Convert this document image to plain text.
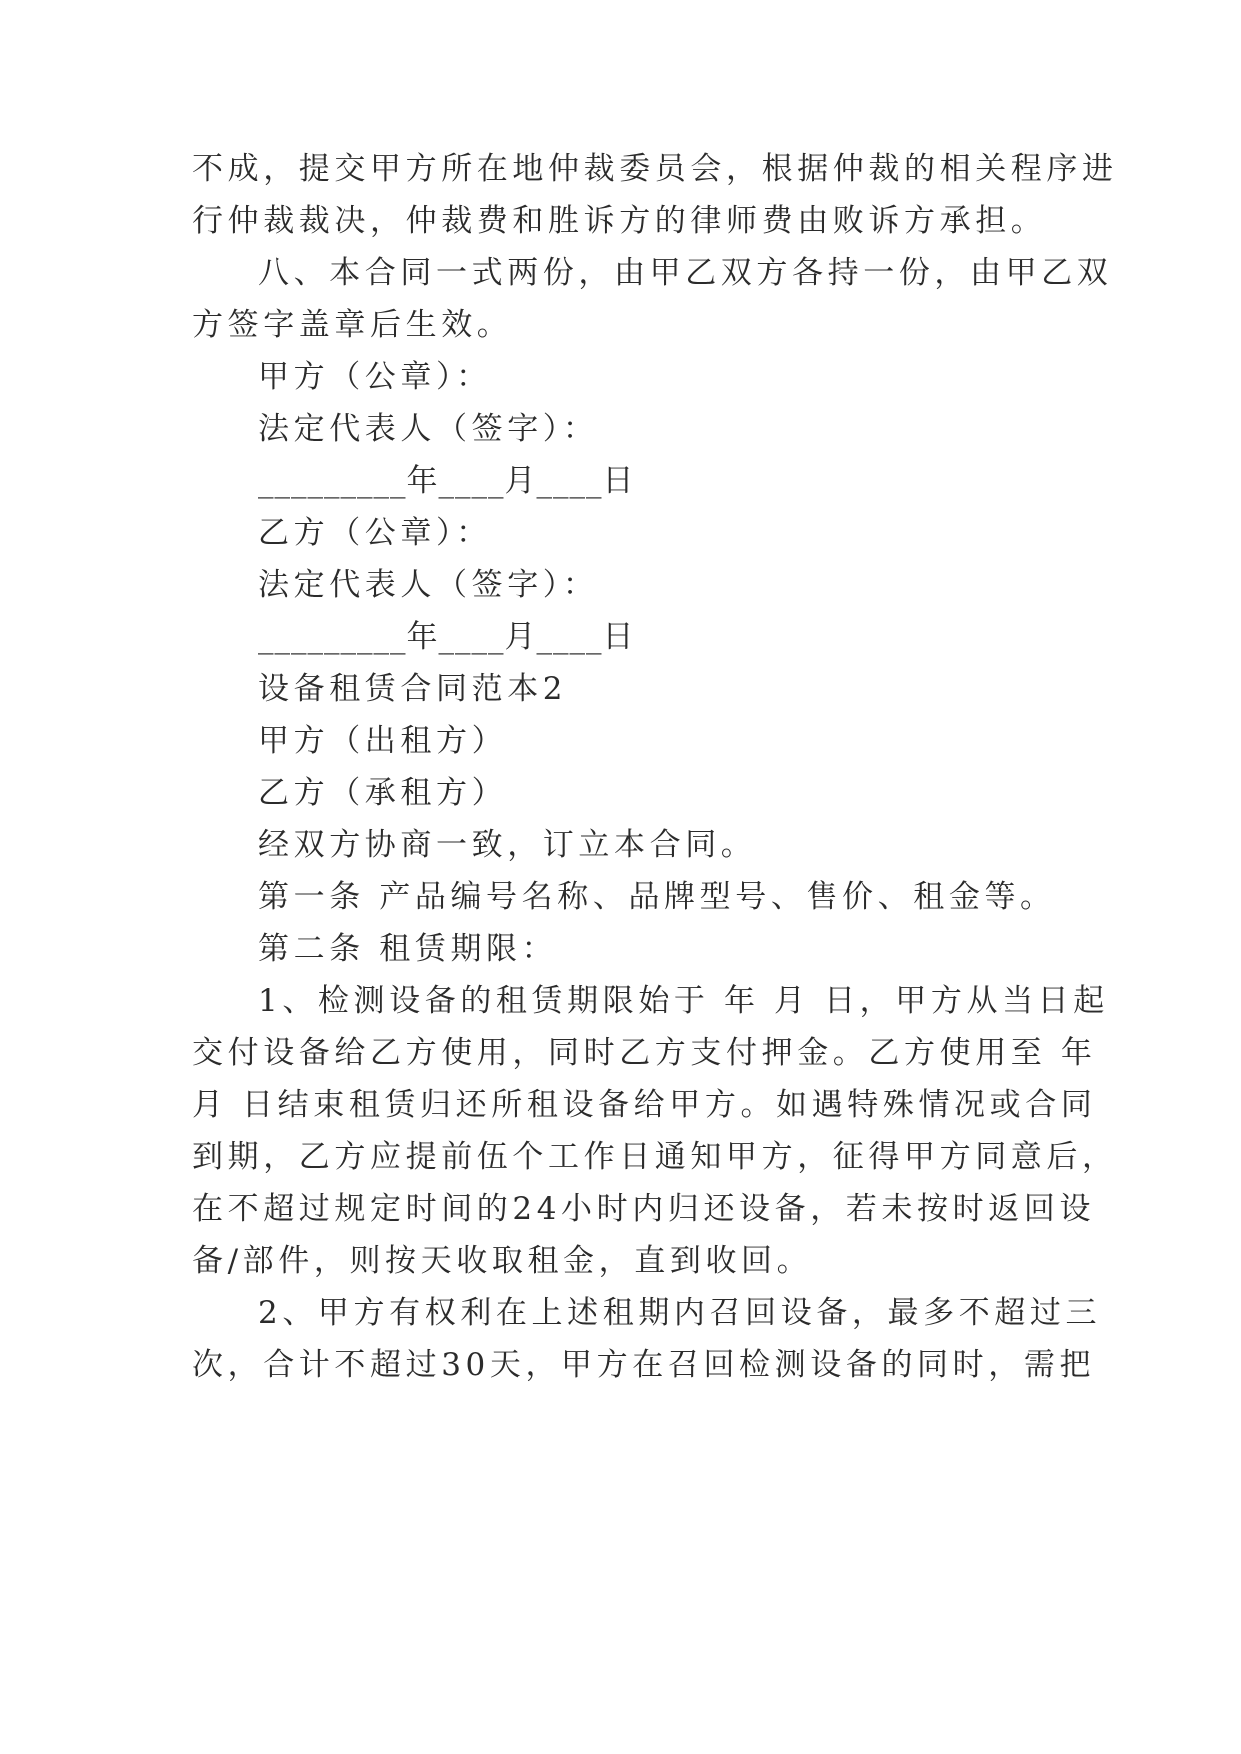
不成，提交甲方所在地仲裁委员会，根据仲裁的相关程序进
行仲裁裁决，仲裁费和胜诉方的律师费由败诉方承担。
八、本合同一式两份，由甲乙双方各持一份，由甲乙双
方签字盖章后生效。
甲方（公章）：
法定代表人（签字）：
_________年____月____日
乙方（公章）：
法定代表人（签字）：
_________年____月____日
设备租赁合同范本2
甲方（出租方）
乙方（承租方）
经双方协商一致，订立本合同。
第一条 产品编号名称、品牌型号、售价、租金等。
第二条 租赁期限：
1、检测设备的租赁期限始于 年 月 日，甲方从当日起
交付设备给乙方使用，同时乙方支付押金。乙方使用至 年
月 日结束租赁归还所租设备给甲方。如遇特殊情况或合同
到期，乙方应提前伍个工作日通知甲方，征得甲方同意后，
在不超过规定时间的24小时内归还设备，若未按时返回设
备/部件，则按天收取租金，直到收回。
2、甲方有权利在上述租期内召回设备，最多不超过三
次，合计不超过30天，甲方在召回检测设备的同时，需把
